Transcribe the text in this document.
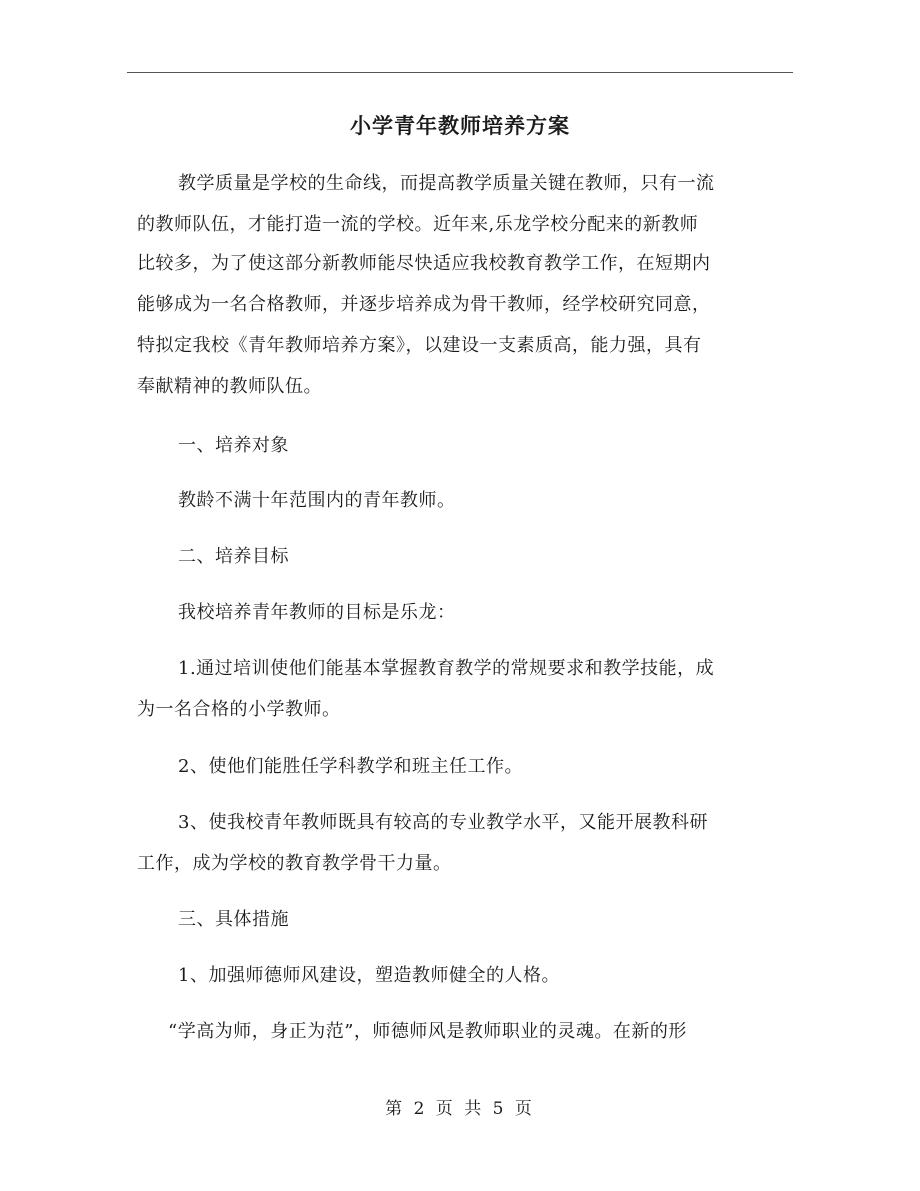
小学青年教师培养方案
教学质量是学校的生命线，而提高教学质量关键在教师，只有一流
的教师队伍，才能打造一流的学校。近年来,乐龙学校分配来的新教师
比较多，为了使这部分新教师能尽快适应我校教育教学工作，在短期内
能够成为一名合格教师，并逐步培养成为骨干教师，经学校研究同意，
特拟定我校《青年教师培养方案》，以建设一支素质高，能力强，具有
奉献精神的教师队伍。
一、培养对象
教龄不满十年范围内的青年教师。
二、培养目标
我校培养青年教师的目标是乐龙：
1.通过培训使他们能基本掌握教育教学的常规要求和教学技能，成
为一名合格的小学教师。
2、使他们能胜任学科教学和班主任工作。
3、使我校青年教师既具有较高的专业教学水平，又能开展教科研
工作，成为学校的教育教学骨干力量。
三、具体措施
1、加强师德师风建设，塑造教师健全的人格。
“学高为师，身正为范”，师德师风是教师职业的灵魂。在新的形
第 2 页 共 5 页
